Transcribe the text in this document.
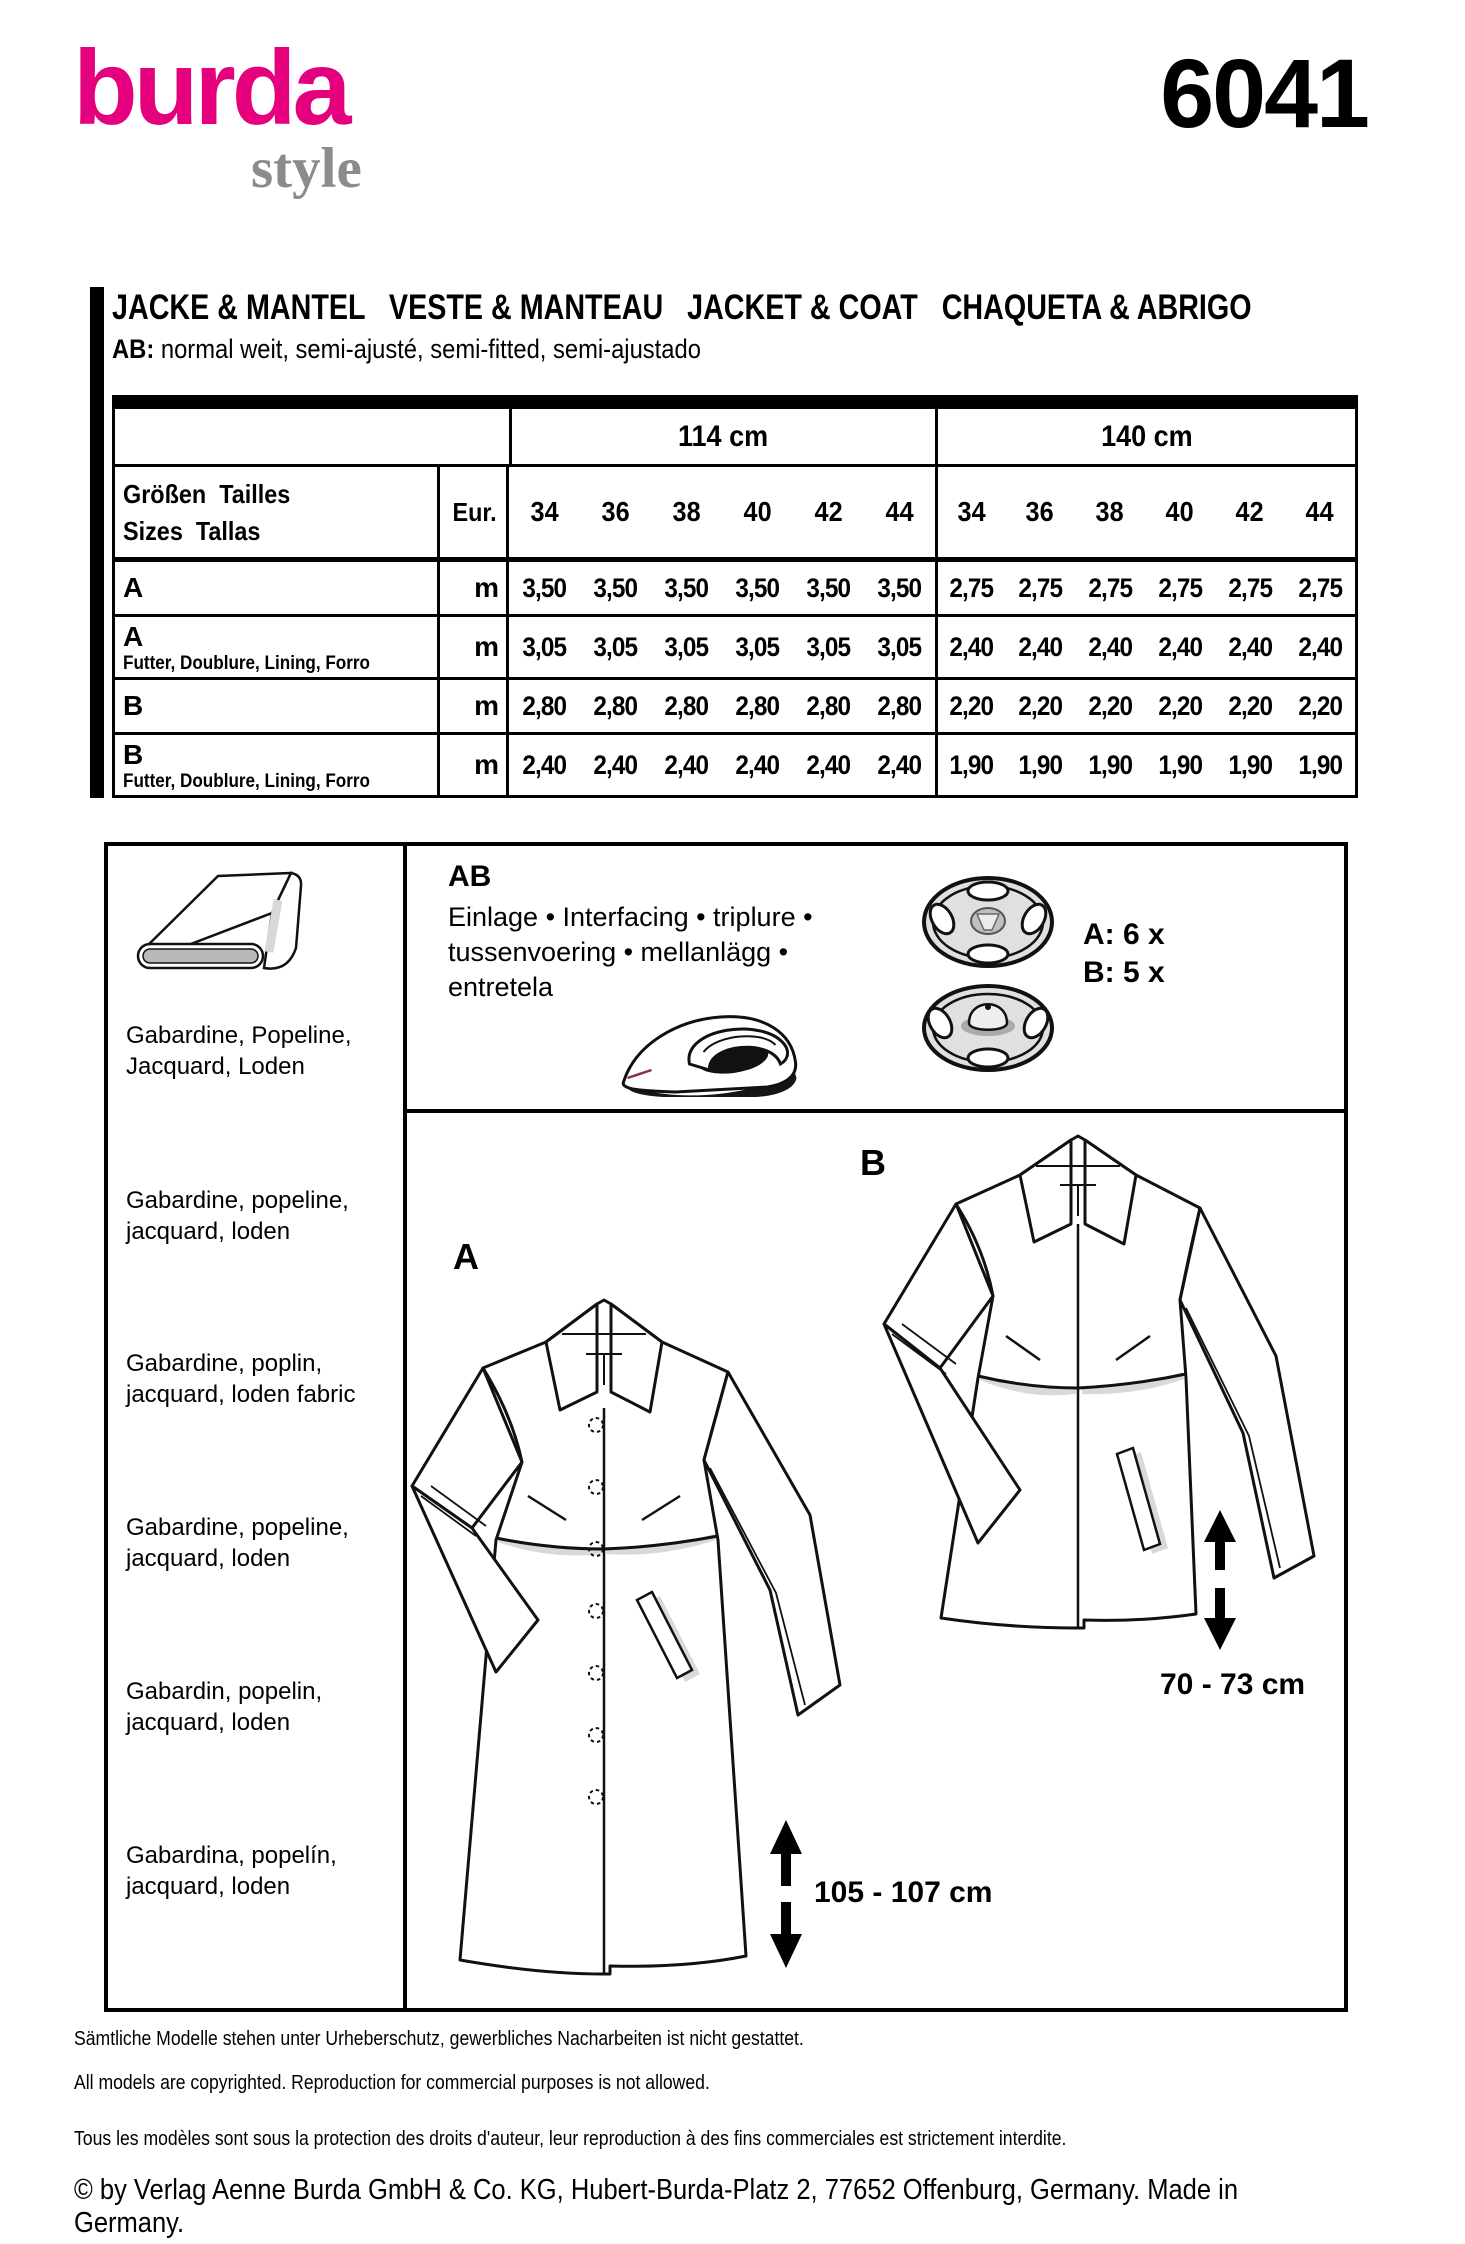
burda
style
6041
JACKE & MANTEL   VESTE & MANTEAU   JACKET & COAT   CHAQUETA & ABRIGO
AB: normal weit, semi-ajusté, semi-fitted, semi-ajustado
114 cm	140 cm
Größen  Tailles
Sizes  Tallas
Eur. 34 36 38 40 42 44 34 36 38 40 42 44
A	m 3,50 3,50 3,50 3,50 3,50 3,50 2,75 2,75 2,75 2,75 2,75 2,75
A
Futter, Doublure, Lining, Forro
m 3,05 3,05 3,05 3,05 3,05 3,05 2,40 2,40 2,40 2,40 2,40 2,40
B	m 2,80 2,80 2,80 2,80 2,80 2,80 2,20 2,20 2,20 2,20 2,20 2,20
B
Futter, Doublure, Lining, Forro
m 2,40 2,40 2,40 2,40 2,40 2,40 1,90 1,90 1,90 1,90 1,90 1,90
Gabardine, Popeline,
Jacquard, Loden
Gabardine, popeline,
jacquard, loden
Gabardine, poplin,
jacquard, loden fabric
Gabardine, popeline,
jacquard, loden
Gabardin, popelin,
jacquard, loden
Gabardina, popelín,
jacquard, loden
AB
Einlage • Interfacing • triplure •
tussenvoering • mellanlägg •
entretela
A: 6 x
B: 5 x
A
B
70 - 73 cm
105 - 107 cm
Sämtliche Modelle stehen unter Urheberschutz, gewerbliches Nacharbeiten ist nicht gestattet.
All models are copyrighted. Reproduction for commercial purposes is not allowed.
Tous les modèles sont sous la protection des droits d'auteur, leur reproduction à des fins commerciales est strictement interdite.
© by Verlag Aenne Burda GmbH & Co. KG, Hubert-Burda-Platz 2, 77652 Offenburg, Germany. Made in Germany.
